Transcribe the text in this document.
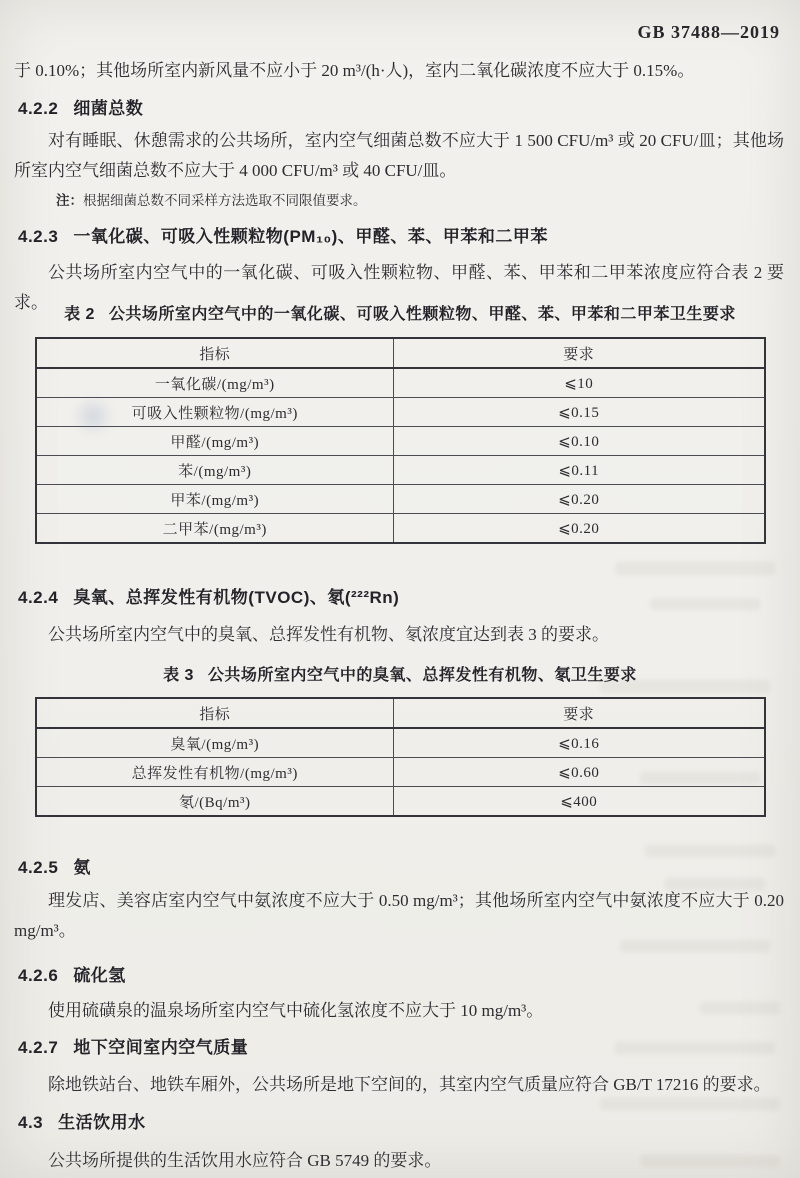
GB 37488—2019
于 0.10%；其他场所室内新风量不应小于 20 m³/(h·人)，室内二氧化碳浓度不应大于 0.15%。
4.2.2 细菌总数
对有睡眠、休憩需求的公共场所，室内空气细菌总数不应大于 1 500 CFU/m³ 或 20 CFU/皿；其他场所室内空气细菌总数不应大于 4 000 CFU/m³ 或 40 CFU/皿。
注：根据细菌总数不同采样方法选取不同限值要求。
4.2.3 一氧化碳、可吸入性颗粒物(PM₁₀)、甲醛、苯、甲苯和二甲苯
公共场所室内空气中的一氧化碳、可吸入性颗粒物、甲醛、苯、甲苯和二甲苯浓度应符合表 2 要求。
表 2 公共场所室内空气中的一氧化碳、可吸入性颗粒物、甲醛、苯、甲苯和二甲苯卫生要求
指标	要求
一氧化碳/(mg/m³)	⩽10
可吸入性颗粒物/(mg/m³)	⩽0.15
甲醛/(mg/m³)	⩽0.10
苯/(mg/m³)	⩽0.11
甲苯/(mg/m³)	⩽0.20
二甲苯/(mg/m³)	⩽0.20
4.2.4 臭氧、总挥发性有机物(TVOC)、氡(²²²Rn)
公共场所室内空气中的臭氧、总挥发性有机物、氡浓度宜达到表 3 的要求。
表 3 公共场所室内空气中的臭氧、总挥发性有机物、氡卫生要求
指标	要求
臭氧/(mg/m³)	⩽0.16
总挥发性有机物/(mg/m³)	⩽0.60
氡/(Bq/m³)	⩽400
4.2.5 氨
理发店、美容店室内空气中氨浓度不应大于 0.50 mg/m³；其他场所室内空气中氨浓度不应大于 0.20 mg/m³。
4.2.6 硫化氢
使用硫磺泉的温泉场所室内空气中硫化氢浓度不应大于 10 mg/m³。
4.2.7 地下空间室内空气质量
除地铁站台、地铁车厢外，公共场所是地下空间的，其室内空气质量应符合 GB/T 17216 的要求。
4.3 生活饮用水
公共场所提供的生活饮用水应符合 GB 5749 的要求。
